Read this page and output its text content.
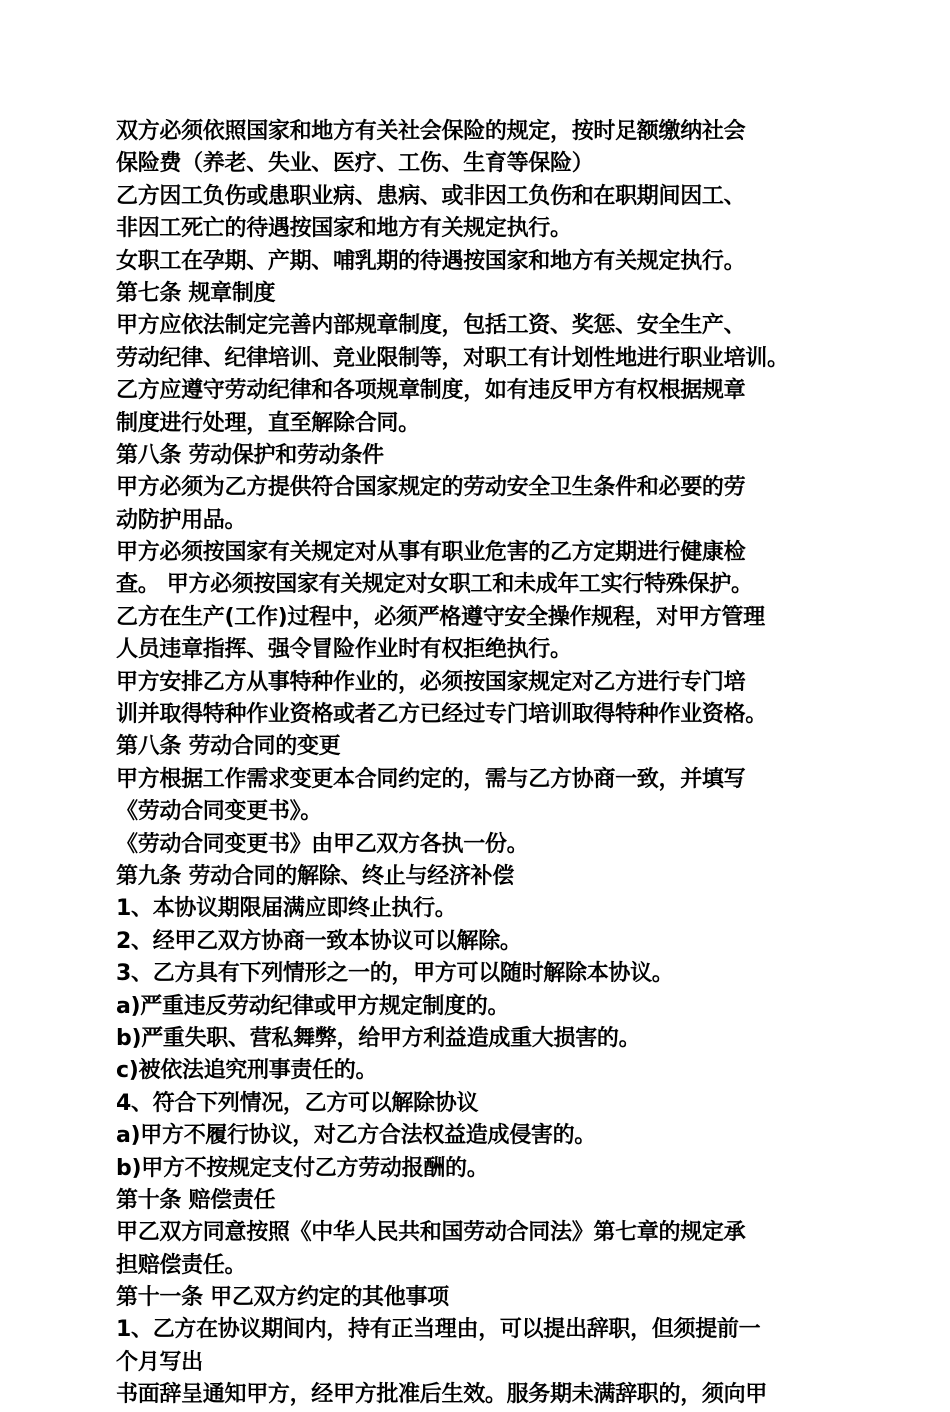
双方必须依照国家和地方有关社会保险的规定，按时足额缴纳社会
保险费（养老、失业、医疗、工伤、生育等保险）
乙方因工负伤或患职业病、患病、或非因工负伤和在职期间因工、
非因工死亡的待遇按国家和地方有关规定执行。
女职工在孕期、产期、哺乳期的待遇按国家和地方有关规定执行。
第七条 规章制度
甲方应依法制定完善内部规章制度，包括工资、奖惩、安全生产、
劳动纪律、纪律培训、竞业限制等，对职工有计划性地进行职业培训。
乙方应遵守劳动纪律和各项规章制度，如有违反甲方有权根据规章
制度进行处理，直至解除合同。
第八条 劳动保护和劳动条件
甲方必须为乙方提供符合国家规定的劳动安全卫生条件和必要的劳
动防护用品。
甲方必须按国家有关规定对从事有职业危害的乙方定期进行健康检
查。 甲方必须按国家有关规定对女职工和未成年工实行特殊保护。
乙方在生产(工作)过程中，必须严格遵守安全操作规程，对甲方管理
人员违章指挥、强令冒险作业时有权拒绝执行。
甲方安排乙方从事特种作业的，必须按国家规定对乙方进行专门培
训并取得特种作业资格或者乙方已经过专门培训取得特种作业资格。
第八条 劳动合同的变更
甲方根据工作需求变更本合同约定的，需与乙方协商一致，并填写
《劳动合同变更书》。
《劳动合同变更书》由甲乙双方各执一份。
第九条 劳动合同的解除、终止与经济补偿
1、本协议期限届满应即终止执行。
2、经甲乙双方协商一致本协议可以解除。
3、乙方具有下列情形之一的，甲方可以随时解除本协议。
a)严重违反劳动纪律或甲方规定制度的。
b)严重失职、营私舞弊，给甲方利益造成重大损害的。
c)被依法追究刑事责任的。
4、符合下列情况，乙方可以解除协议
a)甲方不履行协议，对乙方合法权益造成侵害的。
b)甲方不按规定支付乙方劳动报酬的。
第十条 赔偿责任
甲乙双方同意按照《中华人民共和国劳动合同法》第七章的规定承
担赔偿责任。
第十一条 甲乙双方约定的其他事项
1、乙方在协议期间内，持有正当理由，可以提出辞职，但须提前一
个月写出
书面辞呈通知甲方，经甲方批准后生效。服务期未满辞职的，须向甲
